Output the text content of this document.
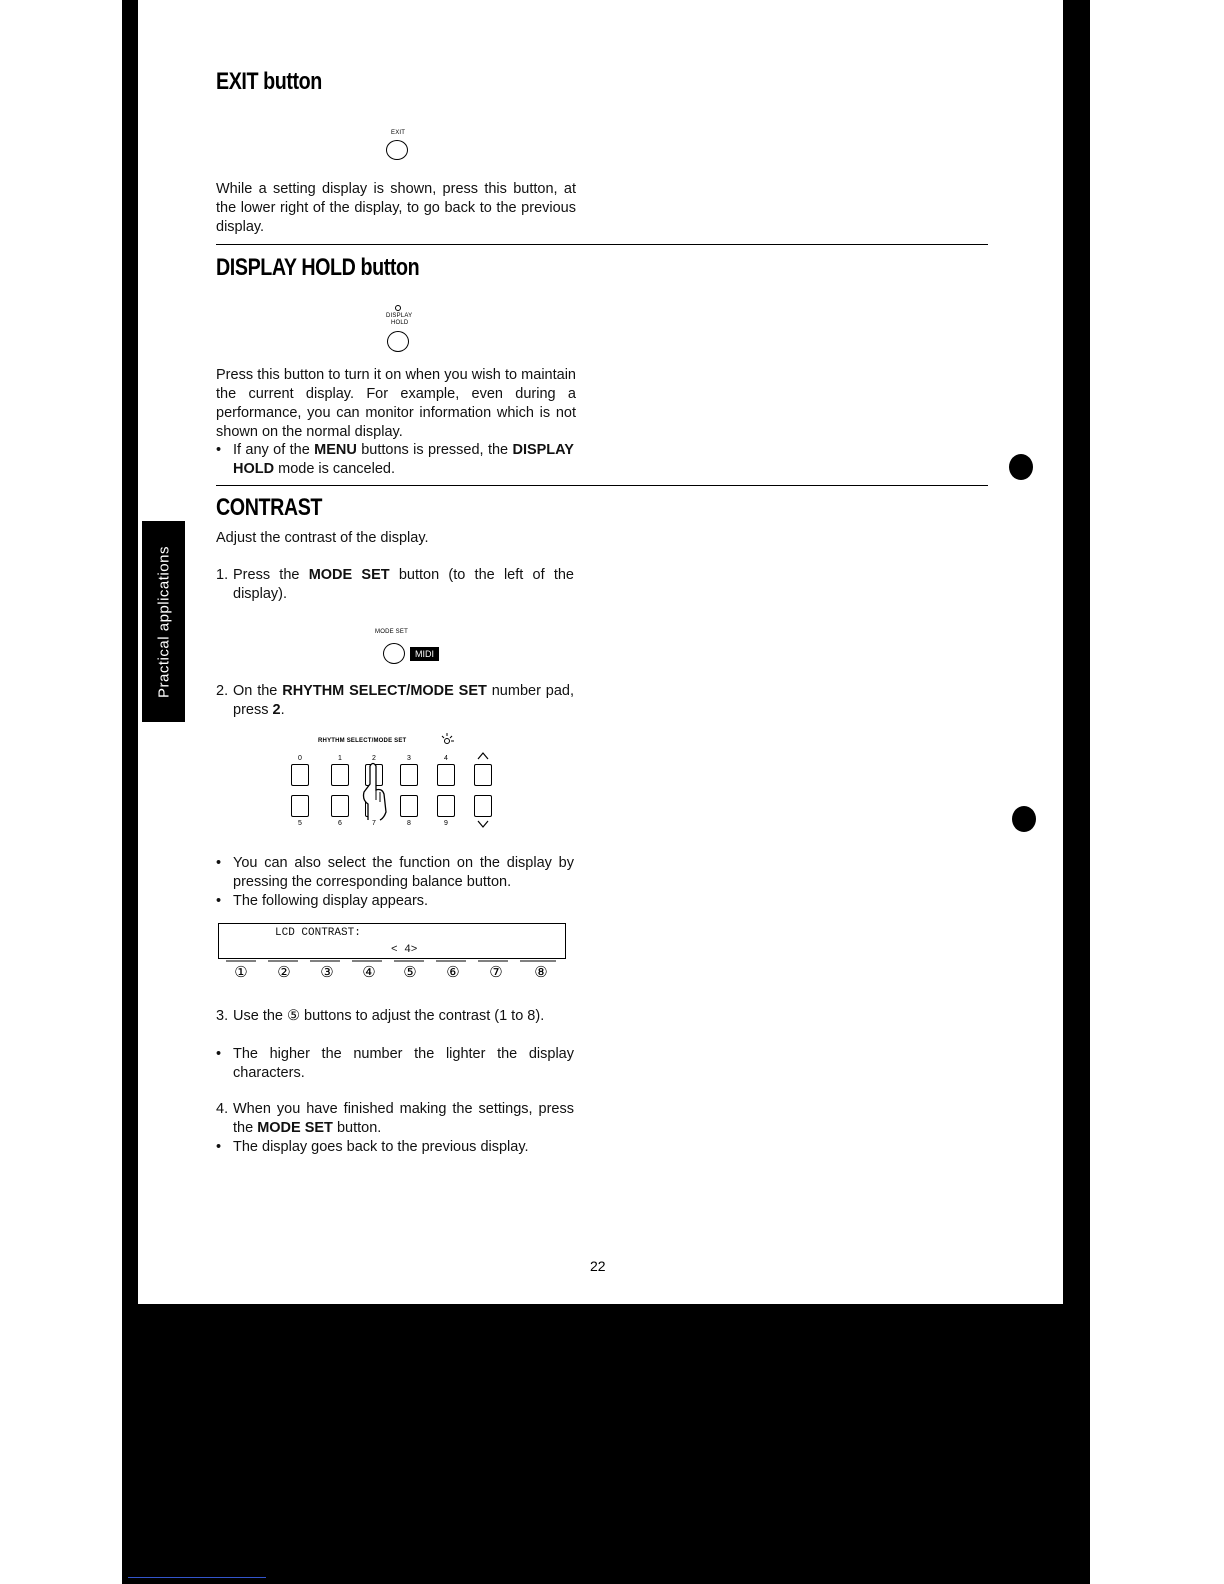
Practical applications
EXIT button
EXIT

While a setting display is shown, press this button, at the lower right of the display, to go back to the previous display.

DISPLAY HOLD button
DISPLAY
HOLD

Press this button to turn it on when you wish to maintain the current display. For example, even during a performance, you can monitor information which is not shown on the normal display.

• If any of the MENU buttons is pressed, the DISPLAY HOLD mode is canceled.
CONTRAST

Adjust the contrast of the display.

1. Press the MODE SET button (to the left of the display).
MODE SET
MIDI
2. On the RHYTHM SELECT/MODE SET number pad, press 2.
RHYTHM SELECT/MODE SET
0	1	2	3	4
5	6	7	8	9
• You can also select the function on the display by pressing the corresponding balance button.
• The following display appears.
LCD CONTRAST:
< 4>
①	②	③	④	⑤	⑥	⑦	⑧
3. Use the ⑤ buttons to adjust the contrast (1 to 8).
• The higher the number the lighter the display characters.
4. When you have finished making the settings, press the MODE SET button.
• The display goes back to the previous display.
22
